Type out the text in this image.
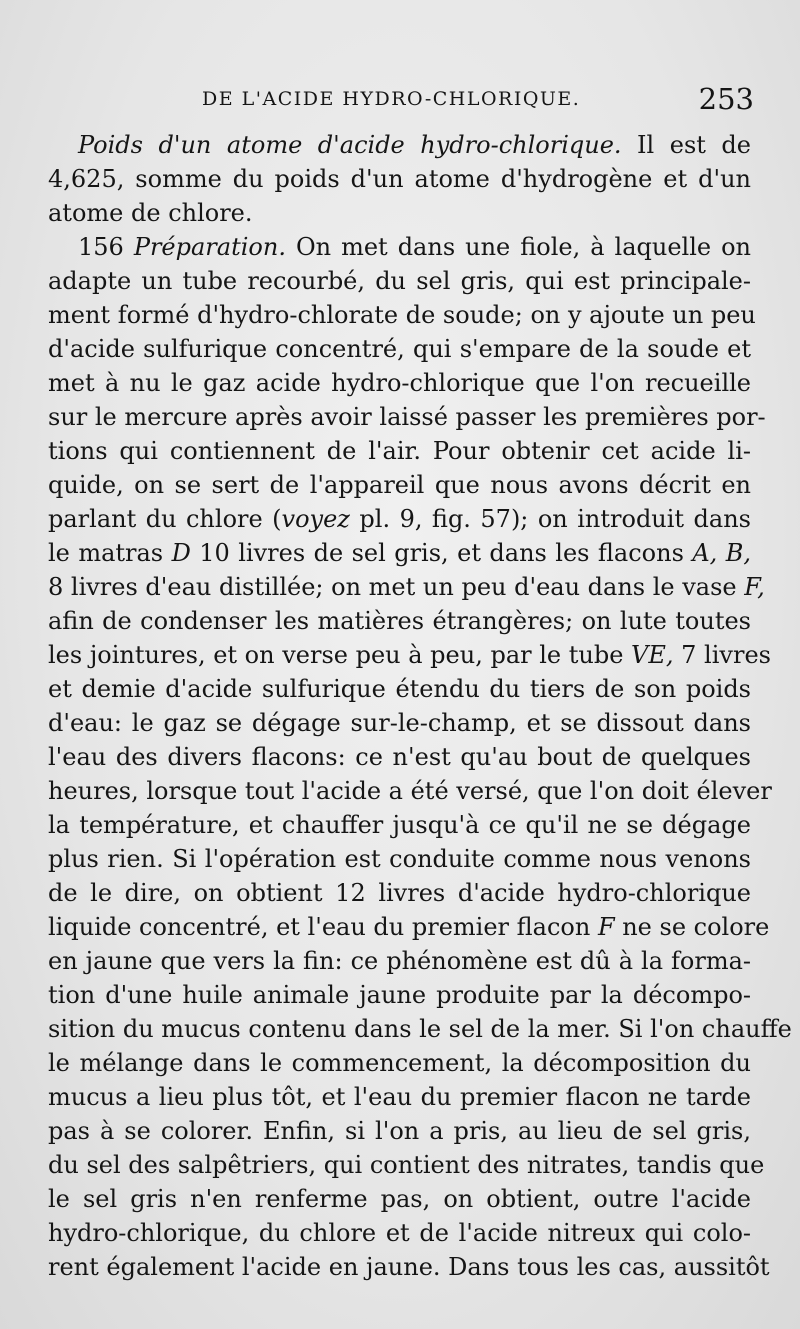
DE L'ACIDE HYDRO-CHLORIQUE.	253
Poids d'un atome d'acide hydro-chlorique. Il est de
4,625, somme du poids d'un atome d'hydrogène et d'un
atome de chlore.
156 Préparation. On met dans une fiole, à laquelle on
adapte un tube recourbé, du sel gris, qui est principale-
ment formé d'hydro-chlorate de soude; on y ajoute un peu
d'acide sulfurique concentré, qui s'empare de la soude et
met à nu le gaz acide hydro-chlorique que l'on recueille
sur le mercure après avoir laissé passer les premières por-
tions qui contiennent de l'air. Pour obtenir cet acide li-
quide, on se sert de l'appareil que nous avons décrit en
parlant du chlore (voyez pl. 9, fig. 57); on introduit dans
le matras D 10 livres de sel gris, et dans les flacons A, B,
8 livres d'eau distillée; on met un peu d'eau dans le vase F,
afin de condenser les matières étrangères; on lute toutes
les jointures, et on verse peu à peu, par le tube VE, 7 livres
et demie d'acide sulfurique étendu du tiers de son poids
d'eau: le gaz se dégage sur-le-champ, et se dissout dans
l'eau des divers flacons: ce n'est qu'au bout de quelques
heures, lorsque tout l'acide a été versé, que l'on doit élever
la température, et chauffer jusqu'à ce qu'il ne se dégage
plus rien. Si l'opération est conduite comme nous venons
de le dire, on obtient 12 livres d'acide hydro-chlorique
liquide concentré, et l'eau du premier flacon F ne se colore
en jaune que vers la fin: ce phénomène est dû à la forma-
tion d'une huile animale jaune produite par la décompo-
sition du mucus contenu dans le sel de la mer. Si l'on chauffe
le mélange dans le commencement, la décomposition du
mucus a lieu plus tôt, et l'eau du premier flacon ne tarde
pas à se colorer. Enfin, si l'on a pris, au lieu de sel gris,
du sel des salpêtriers, qui contient des nitrates, tandis que
le sel gris n'en renferme pas, on obtient, outre l'acide
hydro-chlorique, du chlore et de l'acide nitreux qui colo-
rent également l'acide en jaune. Dans tous les cas, aussitôt
